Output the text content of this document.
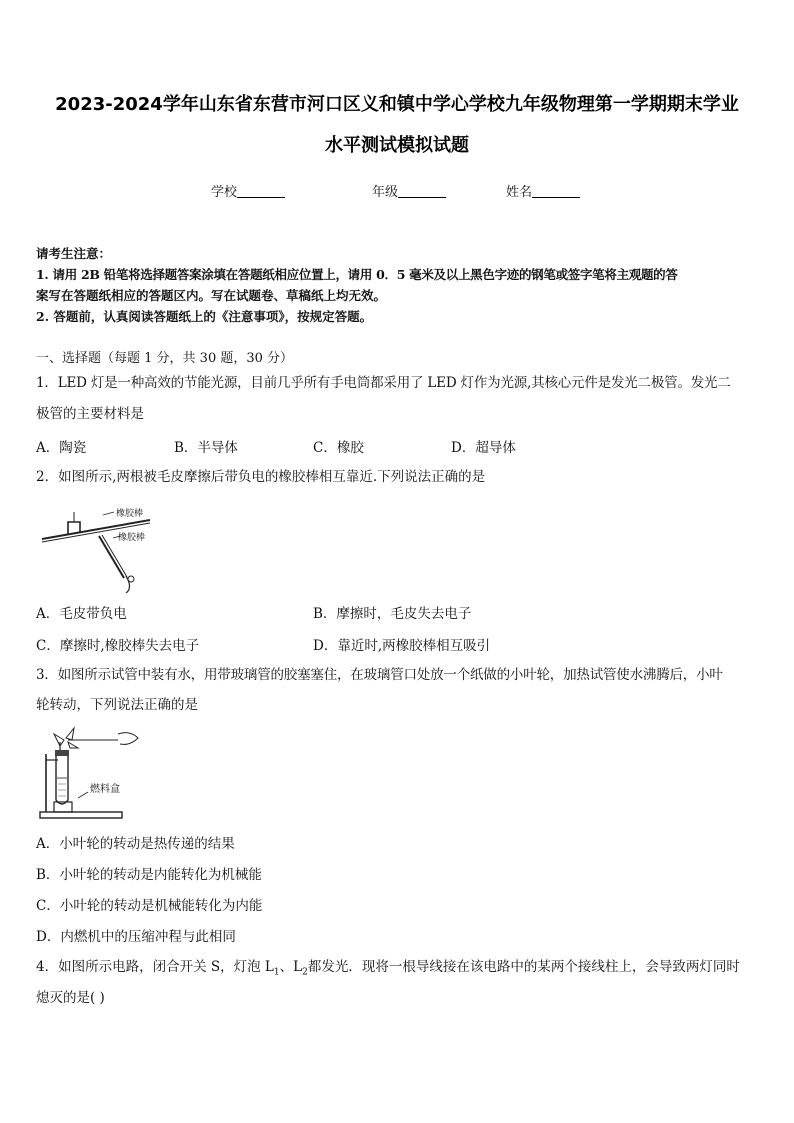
2023-2024学年山东省东营市河口区义和镇中学心学校九年级物理第一学期期末学业
水平测试模拟试题
学校	年级	姓名
请考生注意：
1. 请用 2B 铅笔将选择题答案涂填在答题纸相应位置上，请用 0．5 毫米及以上黑色字迹的钢笔或签字笔将主观题的答
案写在答题纸相应的答题区内。写在试题卷、草稿纸上均无效。
2. 答题前，认真阅读答题纸上的《注意事项》，按规定答题。
一、选择题（每题 1 分，共 30 题，30 分）
1．LED 灯是一种高效的节能光源，目前几乎所有手电筒都采用了 LED 灯作为光源,其核心元件是发光二极管。发光二
极管的主要材料是
A．陶瓷	B．半导体	C．橡胶	D．超导体
2．如图所示,两根被毛皮摩擦后带负电的橡胶棒相互靠近.下列说法正确的是
橡胶棒
橡胶棒
A．毛皮带负电	B．摩擦时，毛皮失去电子
C．摩擦时,橡胶棒失去电子	D．靠近时,两橡胶棒相互吸引
3．如图所示试管中装有水，用带玻璃管的胶塞塞住，在玻璃管口处放一个纸做的小叶轮，加热试管使水沸腾后，小叶
轮转动，下列说法正确的是
燃料盒
A．小叶轮的转动是热传递的结果
B．小叶轮的转动是内能转化为机械能
C．小叶轮的转动是机械能转化为内能
D．内燃机中的压缩冲程与此相同
4．如图所示电路，闭合开关 S，灯泡 $L_1$、$L_2$都发光．现将一根导线接在该电路中的某两个接线柱上，会导致两灯同时
熄灭的是( )
